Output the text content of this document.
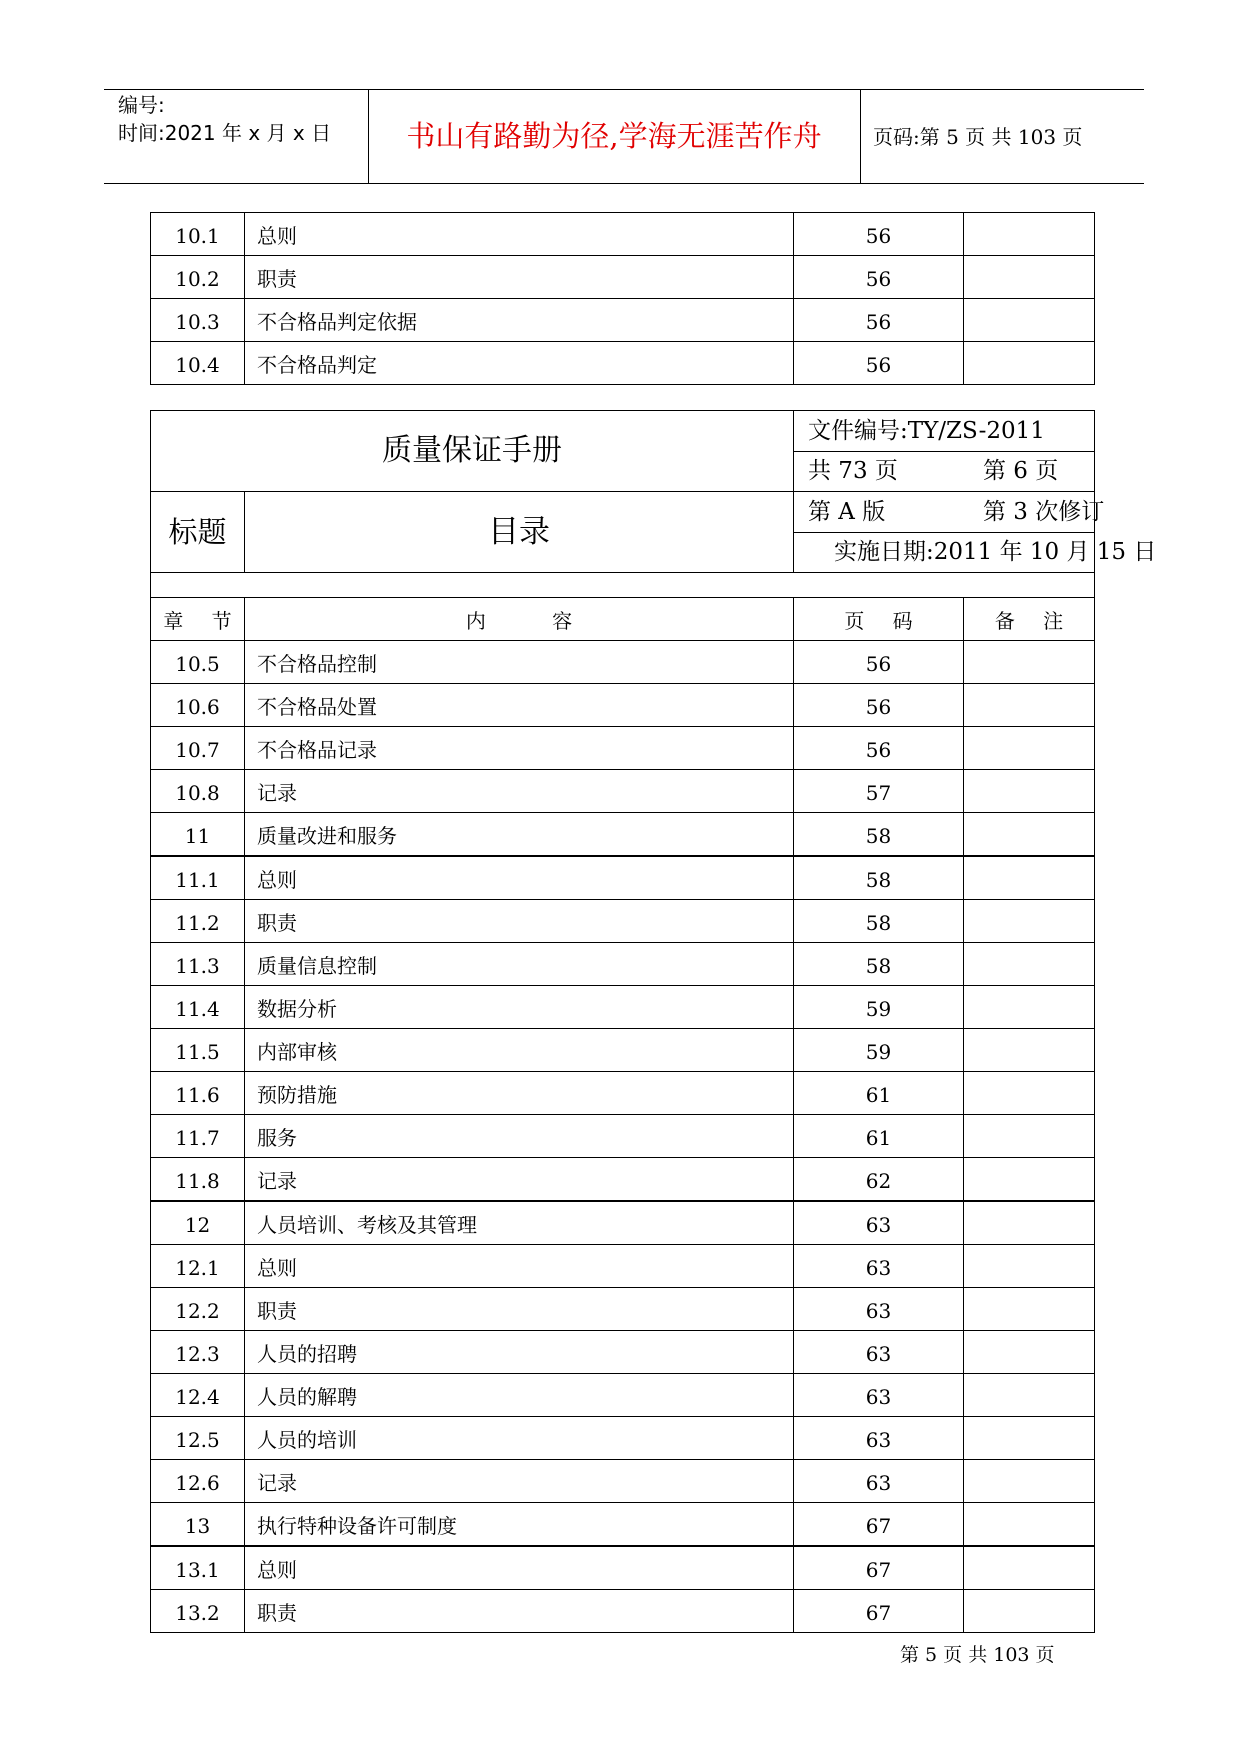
编号:
时间:2021 年 x 月 x 日	书山有路勤为径,学海无涯苦作舟	页码:第 5 页 共 103 页
10.1	总则	56	
10.2	职责	56	
10.3	不合格品判定依据	56	
10.4	不合格品判定	56	
质量保证手册		文件编号:TY/ZS-2011	
		共 73 页 第 6 页	
标题	目录	第 A 版 第 3 次修订	
		实施日期:2011 年 10 月 15 日	

章 节	内 容	页 码	备 注
10.5	不合格品控制	56	
10.6	不合格品处置	56	
10.7	不合格品记录	56	
10.8	记录	57	
11	质量改进和服务	58	
11.1	总则	58	
11.2	职责	58	
11.3	质量信息控制	58	
11.4	数据分析	59	
11.5	内部审核	59	
11.6	预防措施	61	
11.7	服务	61	
11.8	记录	62	
12	人员培训、考核及其管理	63	
12.1	总则	63	
12.2	职责	63	
12.3	人员的招聘	63	
12.4	人员的解聘	63	
12.5	人员的培训	63	
12.6	记录	63	
13	执行特种设备许可制度	67	
13.1	总则	67	
13.2	职责	67	
第 5 页 共 103 页
